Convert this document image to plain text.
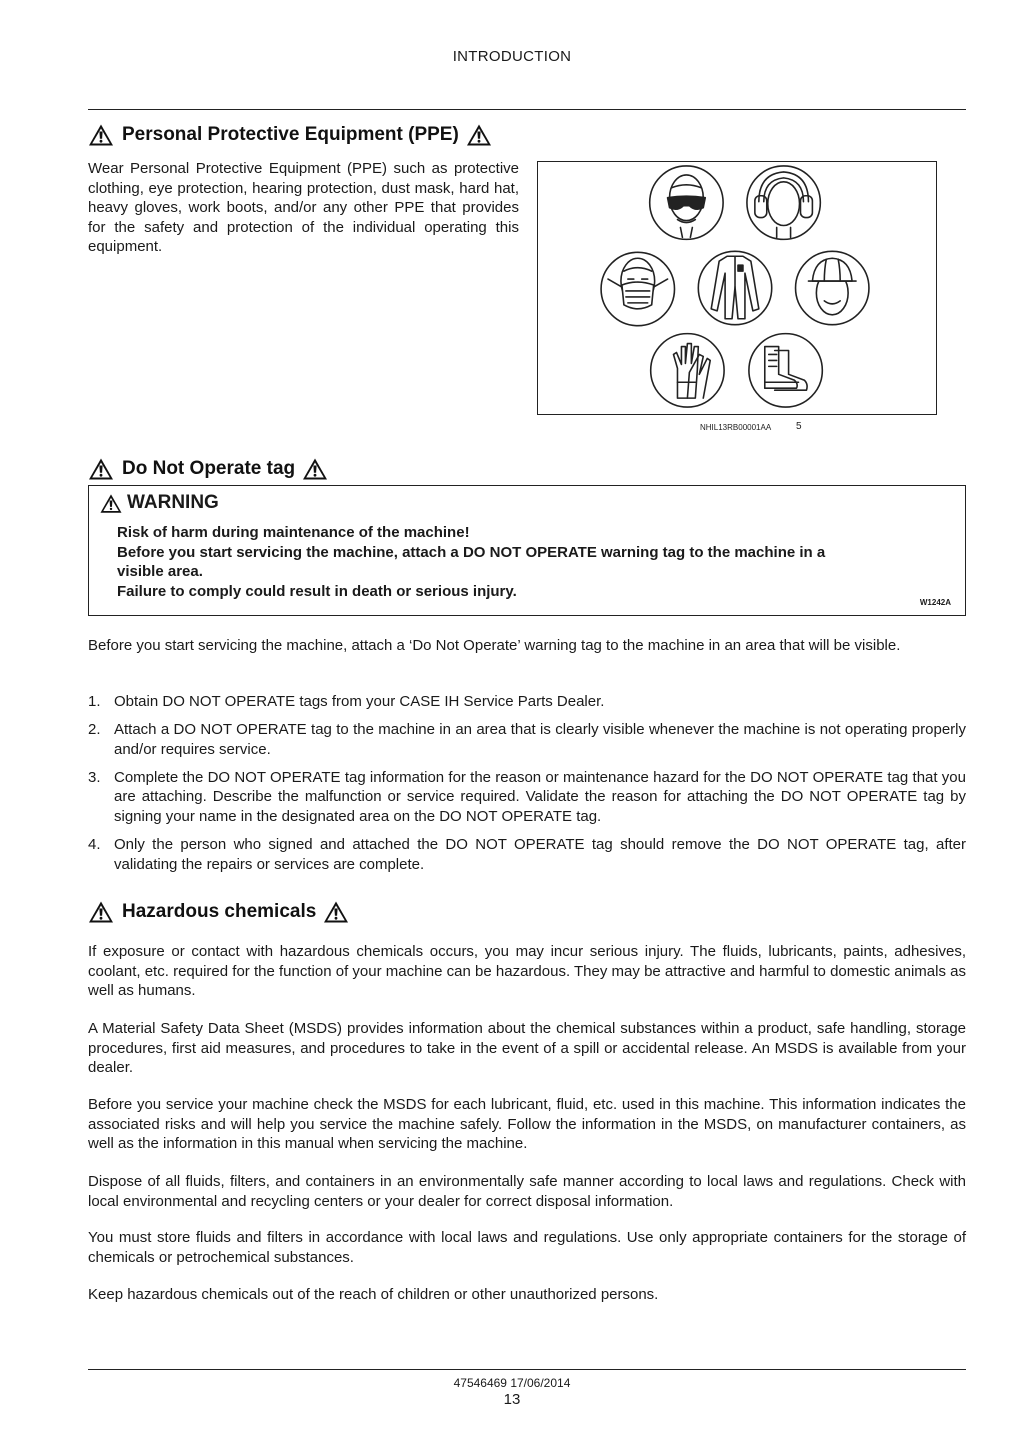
INTRODUCTION
Personal Protective Equipment (PPE)

Wear Personal Protective Equipment (PPE) such as protective clothing, eye protection, hearing protection, dust mask, hard hat, heavy gloves, work boots, and/or any other PPE that provides for the safety and protection of the individual operating this equipment.

NHIL13RB00001AA 5
Do Not Operate tag
WARNING
Risk of harm during maintenance of the machine!
Before you start servicing the machine, attach a DO NOT OPERATE warning tag to the machine in a
visible area.
Failure to comply could result in death or serious injury.
W1242A

Before you start servicing the machine, attach a ‘Do Not Operate’ warning tag to the machine in an area that will be visible.

1. Obtain DO NOT OPERATE tags from your CASE IH Service Parts Dealer.
2. Attach a DO NOT OPERATE tag to the machine in an area that is clearly visible whenever the machine is not operating properly and/or requires service.
3. Complete the DO NOT OPERATE tag information for the reason or maintenance hazard for the DO NOT OPERATE tag that you are attaching. Describe the malfunction or service required. Validate the reason for attaching the DO NOT OPERATE tag by signing your name in the designated area on the DO NOT OPERATE tag.
4. Only the person who signed and attached the DO NOT OPERATE tag should remove the DO NOT OPERATE tag, after validating the repairs or services are complete.
Hazardous chemicals

If exposure or contact with hazardous chemicals occurs, you may incur serious injury. The fluids, lubricants, paints, adhesives, coolant, etc. required for the function of your machine can be hazardous. They may be attractive and harmful to domestic animals as well as humans.

A Material Safety Data Sheet (MSDS) provides information about the chemical substances within a product, safe handling, storage procedures, first aid measures, and procedures to take in the event of a spill or accidental release. An MSDS is available from your dealer.

Before you service your machine check the MSDS for each lubricant, fluid, etc. used in this machine. This information indicates the associated risks and will help you service the machine safely. Follow the information in the MSDS, on manufacturer containers, as well as the information in this manual when servicing the machine.

Dispose of all fluids, filters, and containers in an environmentally safe manner according to local laws and regulations. Check with local environmental and recycling centers or your dealer for correct disposal information.

You must store fluids and filters in accordance with local laws and regulations. Use only appropriate containers for the storage of chemicals or petrochemical substances.

Keep hazardous chemicals out of the reach of children or other unauthorized persons.

47546469 17/06/2014
13
